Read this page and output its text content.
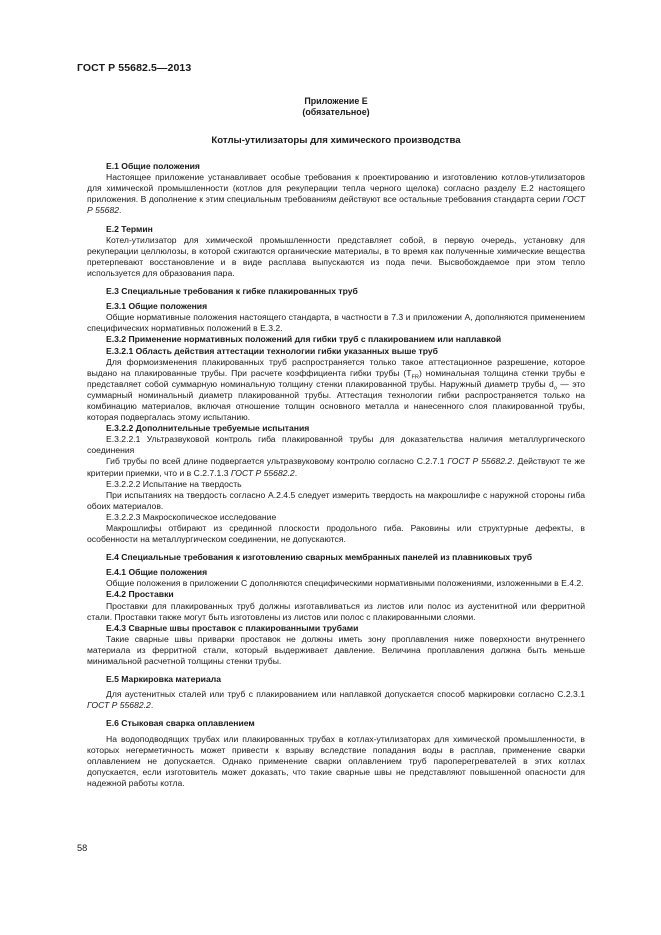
ГОСТ Р 55682.5—2013
Приложение Е
(обязательное)
Котлы-утилизаторы для химического производства
Е.1 Общие положения

Настоящее приложение устанавливает особые требования к проектированию и изготовлению котлов-утилизаторов для химической промышленности (котлов для рекуперации тепла черного щелока) согласно разделу Е.2 настоящего приложения. В дополнение к этим специальным требованиям действуют все остальные требования стандарта серии ГОСТ Р 55682.

Е.2 Термин

Котел-утилизатор для химической промышленности представляет собой, в первую очередь, установку для рекуперации целлюлозы, в которой сжигаются органические материалы, в то время как полученные химические вещества претерпевают восстановление и в виде расплава выпускаются из пода печи. Высвобождаемое при этом тепло используется для образования пара.

Е.3 Специальные требования к гибке плакированных труб
Е.3.1 Общие положения

Общие нормативные положения настоящего стандарта, в частности в 7.3 и приложении А, дополняются применением специфических нормативных положений в Е.3.2.

Е.3.2 Применение нормативных положений для гибки труб с плакированием или наплавкой
Е.3.2.1 Область действия аттестации технологии гибки указанных выше труб

Для формоизменения плакированных труб распространяется только такое аттестационное разрешение, которое выдано на плакированные трубы. При расчете коэффициента гибки трубы $(T_{FR})$ номинальная толщина стенки трубы e представляет собой суммарную номинальную толщину стенки плакированной трубы. Наружный диаметр трубы $d_o$ — это суммарный номинальный диаметр плакированной трубы. Аттестация технологии гибки распространяется только на комбинацию материалов, включая отношение толщин основного металла и нанесенного слоя плакированной трубы, которая подвергалась этому испытанию.

Е.3.2.2 Дополнительные требуемые испытания

Е.3.2.2.1 Ультразвуковой контроль гиба плакированной трубы для доказательства наличия металлургического соединения

Гиб трубы по всей длине подвергается ультразвуковому контролю согласно С.2.7.1 ГОСТ Р 55682.2. Действуют те же критерии приемки, что и в С.2.7.1.3 ГОСТ Р 55682.2.

Е.3.2.2.2 Испытание на твердость

При испытаниях на твердость согласно А.2.4.5 следует измерить твердость на макрошлифе с наружной стороны гиба обоих материалов.

Е.3.2.2.3 Макроскопическое исследование

Макрошлифы отбирают из срединной плоскости продольного гиба. Раковины или структурные дефекты, в особенности на металлургическом соединении, не допускаются.

Е.4 Специальные требования к изготовлению сварных мембранных панелей из плавниковых труб
Е.4.1 Общие положения

Общие положения в приложении С дополняются специфическими нормативными положениями, изложенными в Е.4.2.

Е.4.2 Проставки

Проставки для плакированных труб должны изготавливаться из листов или полос из аустенитной или ферритной стали. Проставки также могут быть изготовлены из листов или полос с плакированными слоями.

Е.4.3 Сварные швы проставок с плакированными трубами

Такие сварные швы приварки проставок не должны иметь зону проплавления ниже поверхности внутреннего материала из ферритной стали, который выдерживает давление. Величина проплавления должна быть меньше минимальной расчетной толщины стенки трубы.

Е.5 Маркировка материала

Для аустенитных сталей или труб с плакированием или наплавкой допускается способ маркировки согласно С.2.3.1 ГОСТ Р 55682.2.

Е.6 Стыковая сварка оплавлением

На водоподводящих трубах или плакированных трубах в котлах-утилизаторах для химической промышленности, в которых негерметичность может привести к взрыву вследствие попадания воды в расплав, применение сварки оплавлением не допускается. Однако применение сварки оплавлением труб пароперегревателей в этих котлах допускается, если изготовитель может доказать, что такие сварные швы не представляют повышенной опасности для надежной работы котла.

58
